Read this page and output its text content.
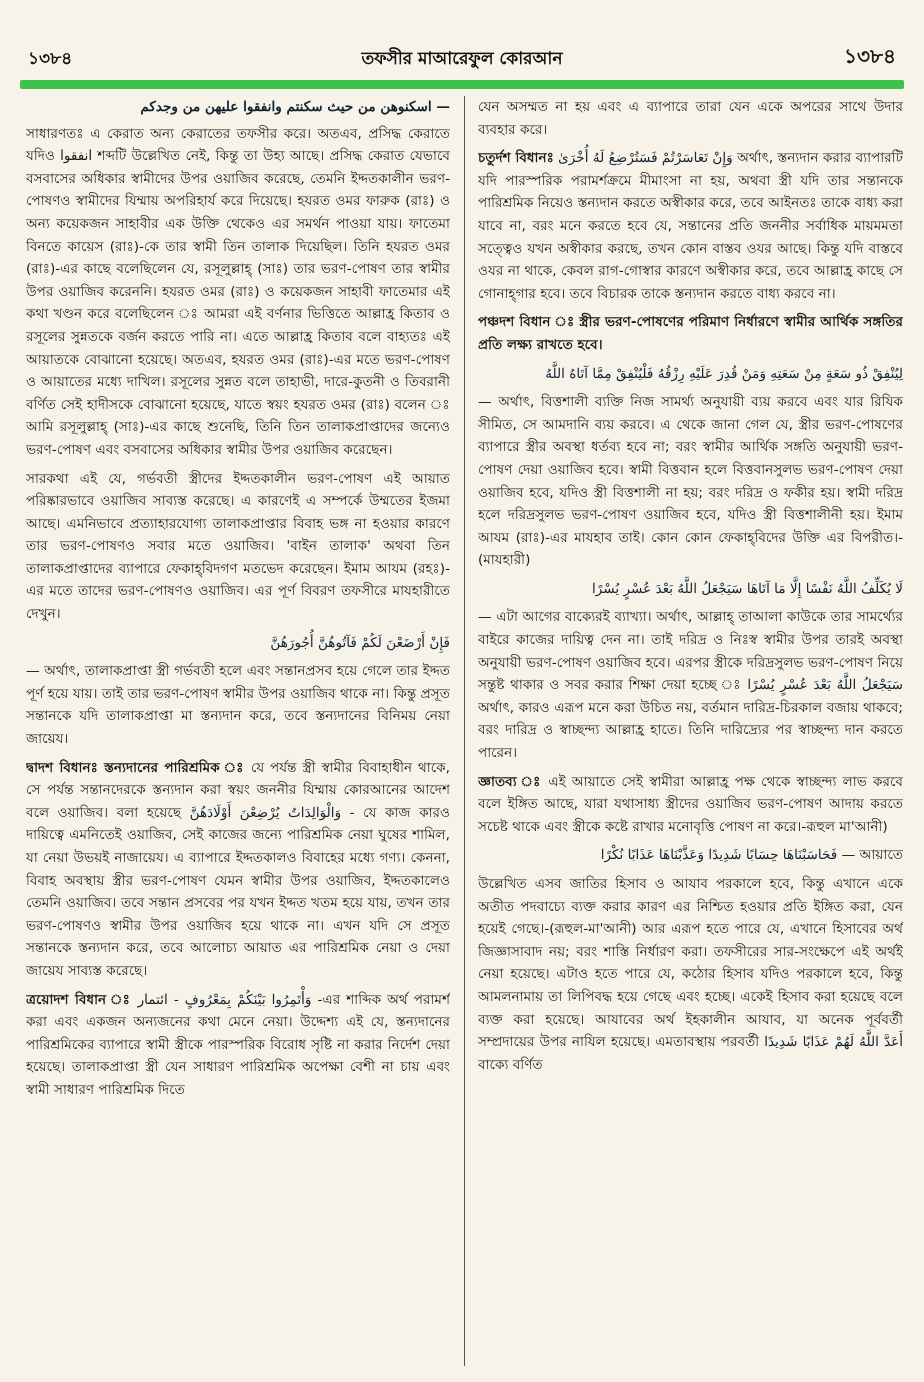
১৩৮৪	তফসীর মাআরেফুল কোরআন	১৩৮৪
— اسكنوهن من حيث سكنتم وانفقوا عليهن من وجدكم

সাধারণতঃ এ কেরাত অন্য কেরাতের তফসীর করে। অতএব, প্রসিদ্ধ কেরাতে যদিও انفقوا শব্দটি উল্লেখিত নেই, কিন্তু তা উহ্য আছে। প্রসিদ্ধ কেরাত যেভাবে বসবাসের অধিকার স্বামীদের উপর ওয়াজিব করেছে, তেমনি ইদ্দতকালীন ভরণ-পোষণও স্বামীদের যিম্মায় অপরিহার্য করে দিয়েছে। হযরত ওমর ফারুক (রাঃ) ও অন্য কয়েকজন সাহাবীর এক উক্তি থেকেও এর সমর্থন পাওয়া যায়। ফাতেমা বিনতে কায়েস (রাঃ)-কে তার স্বামী তিন তালাক দিয়েছিল। তিনি হযরত ওমর (রাঃ)-এর কাছে বলেছিলেন যে, রসূলুল্লাহ্ (সাঃ) তার ভরণ-পোষণ তার স্বামীর উপর ওয়াজিব করেননি। হযরত ওমর (রাঃ) ও কয়েকজন সাহাবী ফাতেমার এই কথা খণ্ডন করে বলেছিলেন ঃ আমরা এই বর্ণনার ভিত্তিতে আল্লাহ্র কিতাব ও রসূলের সুন্নতকে বর্জন করতে পারি না। এতে আল্লাহ্র কিতাব বলে বাহ্যতঃ এই আয়াতকে বোঝানো হয়েছে। অতএব, হযরত ওমর (রাঃ)-এর মতে ভরণ-পোষণ ও আয়াতের মধ্যে দাখিল। রসূলের সুন্নত বলে তাহাভী, দারে-কুতনী ও তিবরানী বর্ণিত সেই হাদীসকে বোঝানো হয়েছে, যাতে স্বয়ং হযরত ওমর (রাঃ) বলেন ঃ আমি রসূলুল্লাহ্ (সাঃ)-এর কাছে শুনেছি, তিনি তিন তালাকপ্রাপ্তাদের জন্যেও ভরণ-পোষণ এবং বসবাসের অধিকার স্বামীর উপর ওয়াজিব করেছেন।

সারকথা এই যে, গর্ভবতী স্ত্রীদের ইদ্দতকালীন ভরণ-পোষণ এই আয়াত পরিষ্কারভাবে ওয়াজিব সাব্যস্ত করেছে। এ কারণেই এ সম্পর্কে উম্মতের ইজমা আছে। এমনিভাবে প্রত্যাহারযোগ্য তালাকপ্রাপ্তার বিবাহ ভঙ্গ না হওয়ার কারণে তার ভরণ-পোষণও সবার মতে ওয়াজিব। 'বাইন তালাক' অথবা তিন তালাকপ্রাপ্তাদের ব্যাপারে ফেকাহ্‌বিদগণ মতভেদ করেছেন। ইমাম আযম (রহঃ)-এর মতে তাদের ভরণ-পোষণও ওয়াজিব। এর পূর্ণ বিবরণ তফসীরে মাযহারীতে দেখুন।

فَإِنْ أَرْضَعْنَ لَكُمْ فَآتُوهُنَّ أُجُورَهُنَّ

— অর্থাৎ, তালাকপ্রাপ্তা স্ত্রী গর্ভবতী হলে এবং সন্তানপ্রসব হয়ে গেলে তার ইদ্দত পূর্ণ হয়ে যায়। তাই তার ভরণ-পোষণ স্বামীর উপর ওয়াজিব থাকে না। কিন্তু প্রসূত সন্তানকে যদি তালাকপ্রাপ্তা মা স্তন্যদান করে, তবে স্তন্যদানের বিনিময় নেয়া জায়েয।

দ্বাদশ বিধানঃ স্তন্যদানের পারিশ্রমিক ঃ যে পর্যন্ত স্ত্রী স্বামীর বিবাহাধীন থাকে, সে পর্যন্ত সন্তানদেরকে স্তন্যদান করা স্বয়ং জননীর যিম্মায় কোরআনের আদেশ বলে ওয়াজিব। বলা হয়েছে وَالْوَالِدَاتُ يُرْضِعْنَ أَوْلَادَهُنَّ - যে কাজ কারও দায়িত্বে এমনিতেই ওয়াজিব, সেই কাজের জন্যে পারিশ্রমিক নেয়া ঘুষের শামিল, যা নেয়া উভয়ই নাজায়েয। এ ব্যাপারে ইদ্দতকালও বিবাহের মধ্যে গণ্য। কেননা, বিবাহ অবস্থায় স্ত্রীর ভরণ-পোষণ যেমন স্বামীর উপর ওয়াজিব, ইদ্দতকালেও তেমনি ওয়াজিব। তবে সন্তান প্রসবের পর যখন ইদ্দত খতম হয়ে যায়, তখন তার ভরণ-পোষণও স্বামীর উপর ওয়াজিব হয়ে থাকে না। এখন যদি সে প্রসূত সন্তানকে স্তন্যদান করে, তবে আলোচ্য আয়াত এর পারিশ্রমিক নেয়া ও দেয়া জায়েয সাব্যস্ত করেছে।

ত্রয়োদশ বিধান ঃ	وَأْتَمِرُوا بَيْنَكُمْ بِمَعْرُوفٍ - ائتمار -এর শাব্দিক অর্থ পরামর্শ করা এবং একজন অন্যজনের কথা মেনে নেয়া। উদ্দেশ্য এই যে, স্তন্যদানের পারিশ্রমিকের ব্যাপারে স্বামী স্ত্রীকে পারস্পরিক বিরোধ সৃষ্টি না করার নির্দেশ দেয়া হয়েছে। তালাকপ্রাপ্তা স্ত্রী যেন সাধারণ পারিশ্রমিক অপেক্ষা বেশী না চায় এবং স্বামী সাধারণ পারিশ্রমিক দিতে

যেন অসম্মত না হয় এবং এ ব্যাপারে তারা যেন একে অপরের সাথে উদার ব্যবহার করে।

চতুর্দশ বিধানঃ وَإِنْ تَعَاسَرْتُمْ فَسَتُرْضِعُ لَهُ أُخْرَىٰ অর্থাৎ, স্তন্যদান করার ব্যাপারটি যদি পারস্পরিক পরামর্শক্রমে মীমাংসা না হয়, অথবা স্ত্রী যদি তার সন্তানকে পারিশ্রমিক নিয়েও স্তন্যদান করতে অস্বীকার করে, তবে আইনতঃ তাকে বাধ্য করা যাবে না, বরং মনে করতে হবে যে, সন্তানের প্রতি জননীর সর্বাধিক মায়মমতা সত্ত্বেও যখন অস্বীকার করছে, তখন কোন বাস্তব ওযর আছে। কিন্তু যদি বাস্তবে ওযর না থাকে, কেবল রাগ-গোস্বার কারণে অস্বীকার করে, তবে আল্লাহ্র কাছে সে গোনাহ্গার হবে। তবে বিচারক তাকে স্তন্যদান করতে বাধ্য করবে না।

পঞ্চদশ বিধান ঃ স্ত্রীর ভরণ-পোষণের পরিমাণ নির্ধারণে স্বামীর আর্থিক সঙ্গতির প্রতি লক্ষ্য রাখতে হবে।

لِيُنْفِقْ ذُو سَعَةٍ مِنْ سَعَتِهِ وَمَنْ قُدِرَ عَلَيْهِ رِزْقُهُ فَلْيُنْفِقْ مِمَّا آتَاهُ اللَّهُ

— অর্থাৎ, বিত্তশালী ব্যক্তি নিজ সামর্থ্য অনুযায়ী ব্যয় করবে এবং যার রিযিক সীমিত, সে আমদানি ব্যয় করবে। এ থেকে জানা গেল যে, স্ত্রীর ভরণ-পোষণের ব্যাপারে স্ত্রীর অবস্থা ধর্তব্য হবে না; বরং স্বামীর আর্থিক সঙ্গতি অনুযায়ী ভরণ-পোষণ দেয়া ওয়াজিব হবে। স্বামী বিত্তবান হলে বিত্তবানসুলভ ভরণ-পোষণ দেয়া ওয়াজিব হবে, যদিও স্ত্রী বিত্তশালী না হয়; বরং দরিদ্র ও ফকীর হয়। স্বামী দরিদ্র হলে দরিদ্রসুলভ ভরণ-পোষণ ওয়াজিব হবে, যদিও স্ত্রী বিত্তশালীনী হয়। ইমাম আযম (রাঃ)-এর মাযহাব তাই। কোন কোন ফেকাহ্‌বিদের উক্তি এর বিপরীত।-(মাযহারী)

لَا يُكَلِّفُ اللَّهُ نَفْسًا إِلَّا مَا آتَاهَا سَيَجْعَلُ اللَّهُ بَعْدَ عُسْرٍ يُسْرًا

— এটা আগের বাক্যেরই ব্যাখ্যা। অর্থাৎ, আল্লাহ্ তাআলা কাউকে তার সামর্থ্যের বাইরে কাজের দায়িত্ব দেন না। তাই দরিদ্র ও নিঃস্ব স্বামীর উপর তারই অবস্থা অনুযায়ী ভরণ-পোষণ ওয়াজিব হবে। এরপর স্ত্রীকে দরিদ্রসুলভ ভরণ-পোষণ নিয়ে সন্তুষ্ট থাকার ও সবর করার শিক্ষা দেয়া হচ্ছে ঃ سَيَجْعَلُ اللَّهُ بَعْدَ عُسْرٍ يُسْرًا অর্থাৎ, কারও এরূপ মনে করা উচিত নয়, বর্তমান দারিদ্র-চিরকাল বজায় থাকবে; বরং দারিদ্র ও স্বাচ্ছন্দ্য আল্লাহ্র হাতে। তিনি দারিদ্র্যের পর স্বাচ্ছন্দ্য দান করতে পারেন।

জ্ঞাতব্য ঃ এই আয়াতে সেই স্বামীরা আল্লাহ্র পক্ষ থেকে স্বাচ্ছন্দ্য লাভ করবে বলে ইঙ্গিত আছে, যারা যথাসাধ্য স্ত্রীদের ওয়াজিব ভরণ-পোষণ আদায় করতে সচেষ্ট থাকে এবং স্ত্রীকে কষ্টে রাখার মনোবৃত্তি পোষণ না করে।-রূহুল মা'আনী)

فَحَاسَبْنَاهَا حِسَابًا شَدِيدًا وَعَذَّبْنَاهَا عَذَابًا نُكْرًا — আয়াতে

উল্লেখিত এসব জাতির হিসাব ও আযাব পরকালে হবে, কিন্তু এখানে একে অতীত পদবাচ্যে ব্যক্ত করার কারণ এর নিশ্চিত হওয়ার প্রতি ইঙ্গিত করা, যেন হয়েই গেছে।-(রূহুল-মা'আনী) আর এরূপ হতে পারে যে, এখানে হিসাবের অর্থ জিজ্ঞাসাবাদ নয়; বরং শাস্তি নির্ধারণ করা। তফসীরের সার-সংক্ষেপে এই অর্থই নেয়া হয়েছে। এটাও হতে পারে যে, কঠোর হিসাব যদিও পরকালে হবে, কিন্তু আমলনামায় তা লিপিবদ্ধ হয়ে গেছে এবং হচ্ছে। একেই হিসাব করা হয়েছে বলে ব্যক্ত করা হয়েছে। আযাবের অর্থ ইহকালীন আযাব, যা অনেক পূর্ববর্তী সম্প্রদায়ের উপর নাযিল হয়েছে। এমতাবস্থায় পরবর্তী أَعَدَّ اللَّهُ لَهُمْ عَذَابًا شَدِيدًا বাক্যে বর্ণিত
